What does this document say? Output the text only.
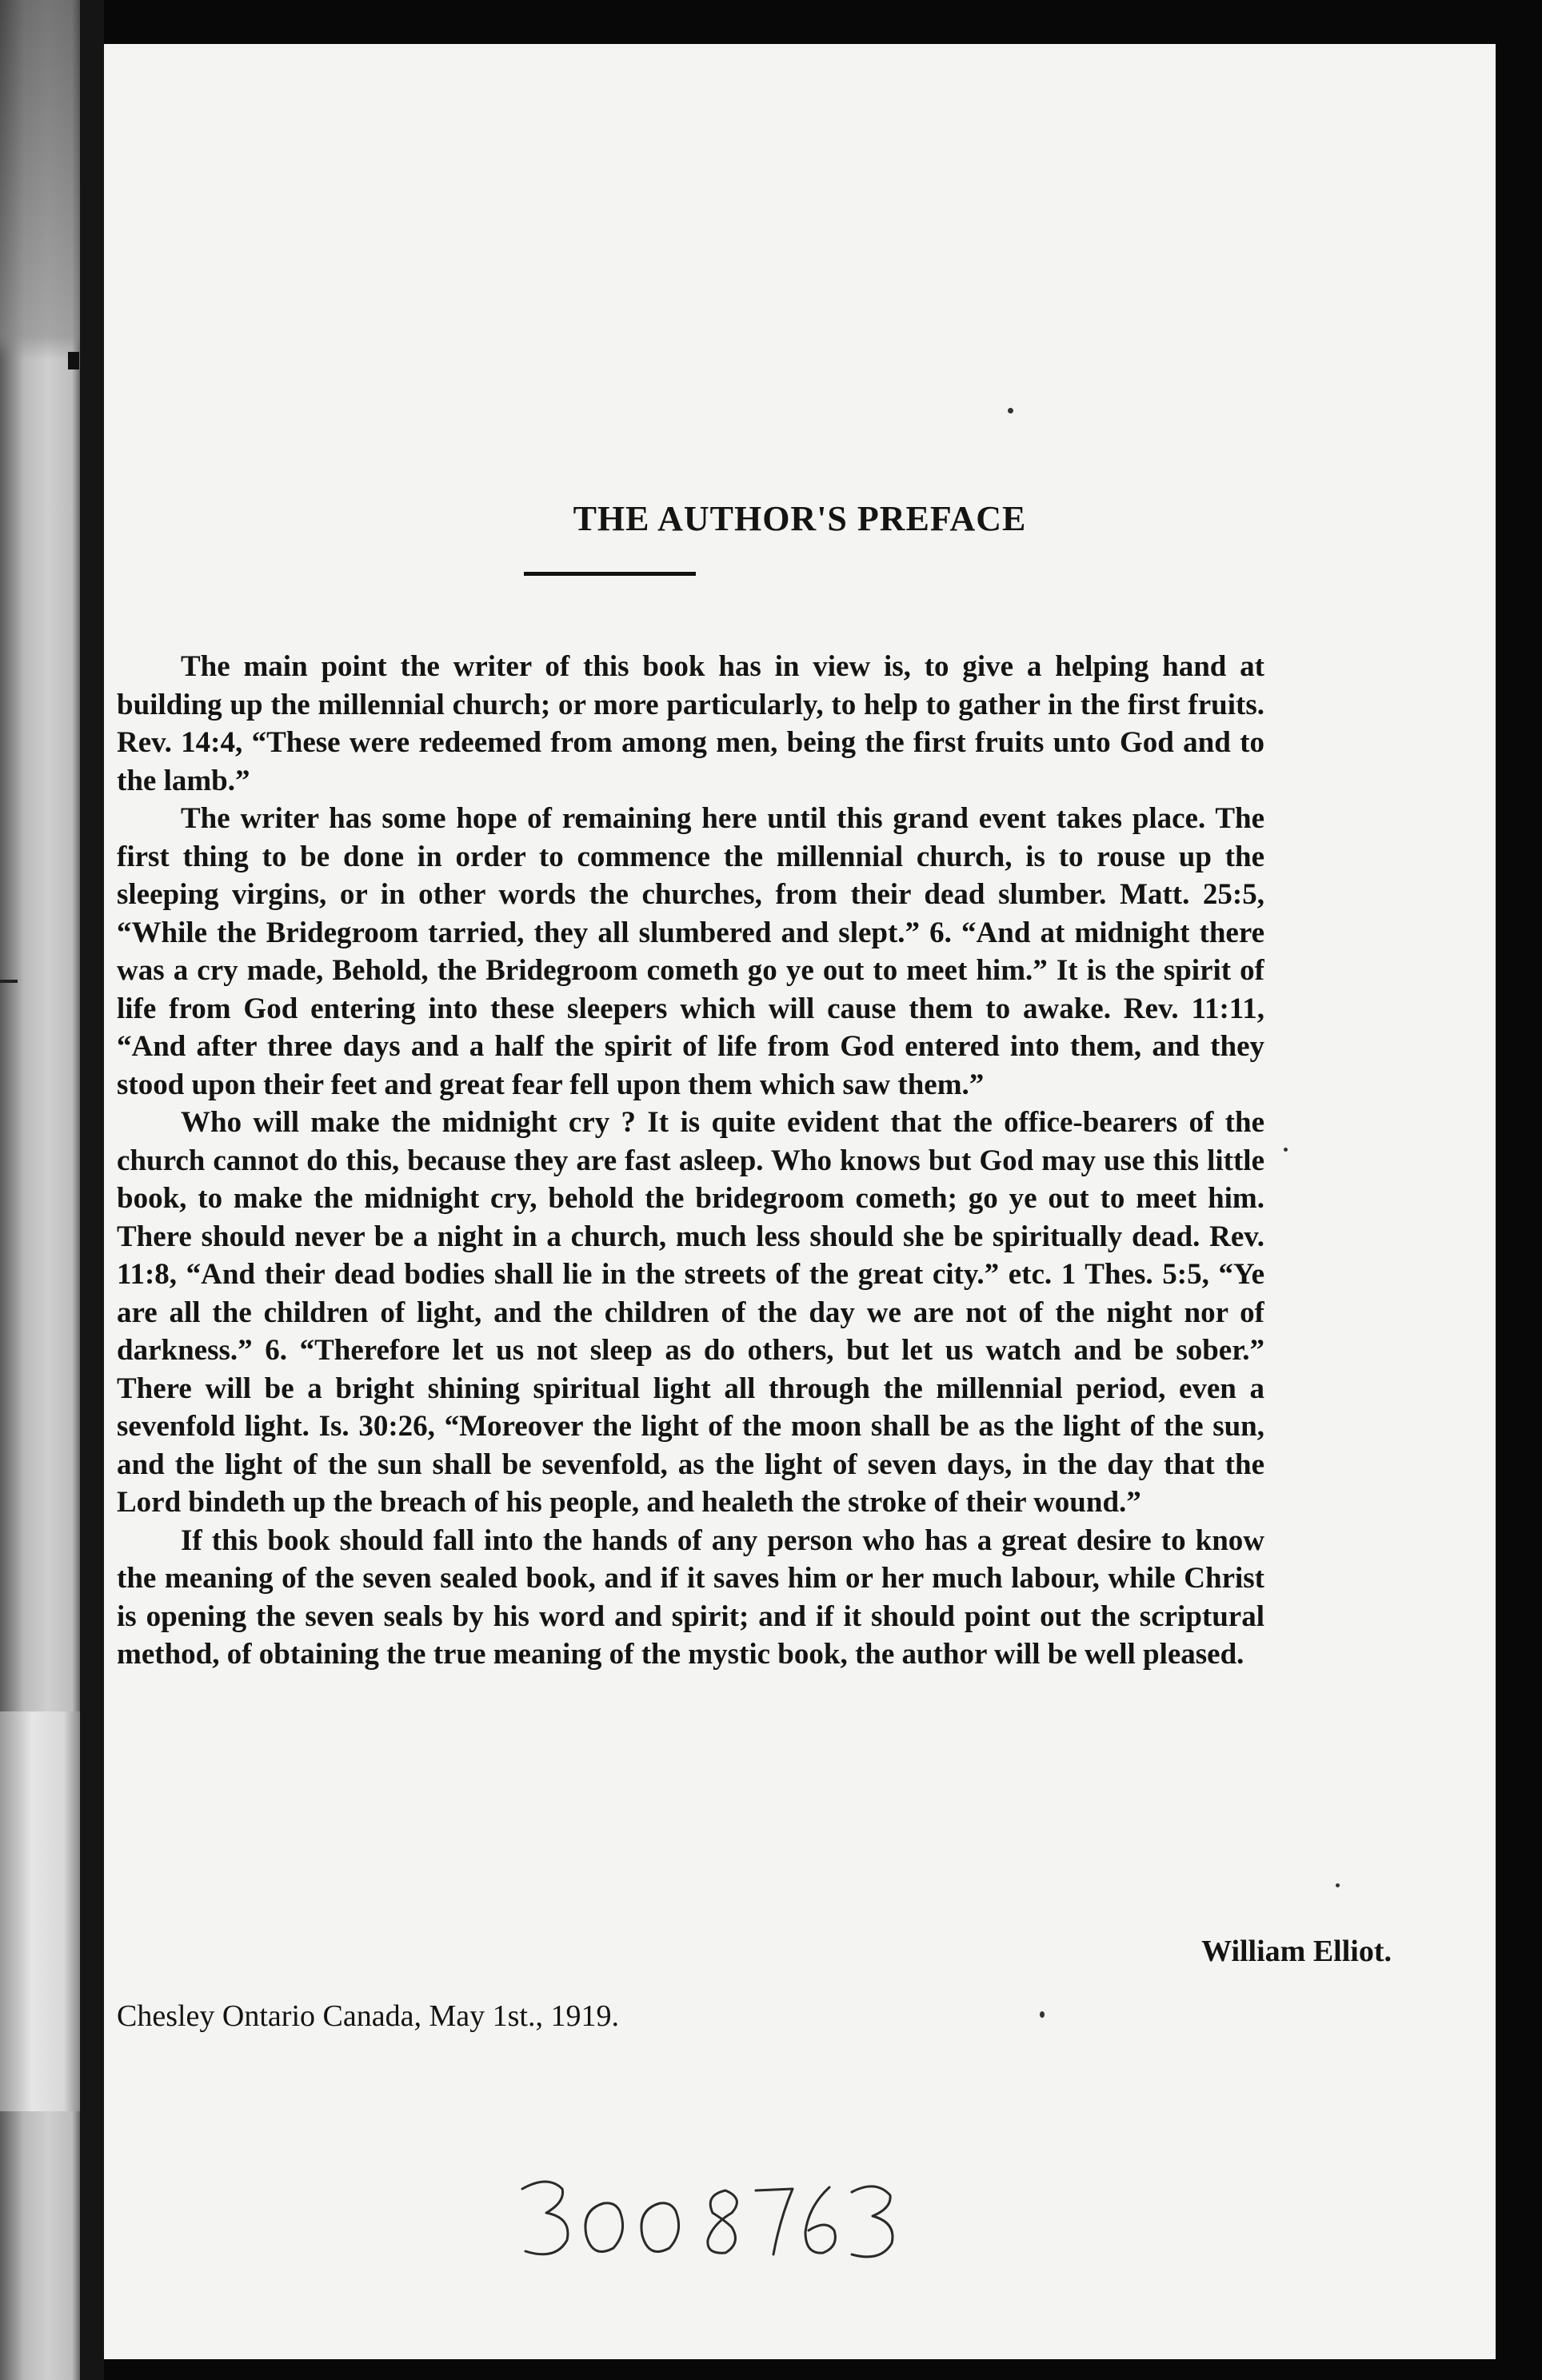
THE AUTHOR'S PREFACE

The main point the writer of this book has in view is, to give a helping hand at building up the millennial church; or more particularly, to help to gather in the first fruits. Rev. 14:4, “These were redeemed from among men, being the first fruits unto God and to the lamb.”

The writer has some hope of remaining here until this grand event takes place. The first thing to be done in order to commence the millennial church, is to rouse up the sleeping virgins, or in other words the churches, from their dead slumber. Matt. 25:5, “While the Bridegroom tarried, they all slumbered and slept.” 6. “And at midnight there was a cry made, Behold, the Bridegroom cometh go ye out to meet him.” It is the spirit of life from God entering into these sleepers which will cause them to awake. Rev. 11:11, “And after three days and a half the spirit of life from God entered into them, and they stood upon their feet and great fear fell upon them which saw them.”

Who will make the midnight cry ? It is quite evident that the office-bearers of the church cannot do this, because they are fast asleep. Who knows but God may use this little book, to make the midnight cry, behold the bridegroom cometh; go ye out to meet him. There should never be a night in a church, much less should she be spiritually dead. Rev. 11:8, “And their dead bodies shall lie in the streets of the great city.” etc. 1 Thes. 5:5, “Ye are all the children of light, and the children of the day we are not of the night nor of darkness.” 6. “Therefore let us not sleep as do others, but let us watch and be sober.” There will be a bright shining spiritual light all through the millennial period, even a sevenfold light. Is. 30:26, “Moreover the light of the moon shall be as the light of the sun, and the light of the sun shall be sevenfold, as the light of seven days, in the day that the Lord bindeth up the breach of his people, and healeth the stroke of their wound.”

If this book should fall into the hands of any person who has a great desire to know the meaning of the seven sealed book, and if it saves him or her much labour, while Christ is opening the seven seals by his word and spirit; and if it should point out the scriptural method, of obtaining the true meaning of the mystic book, the author will be well pleased.

William Elliot.
Chesley Ontario Canada, May 1st., 1919.
3008763
